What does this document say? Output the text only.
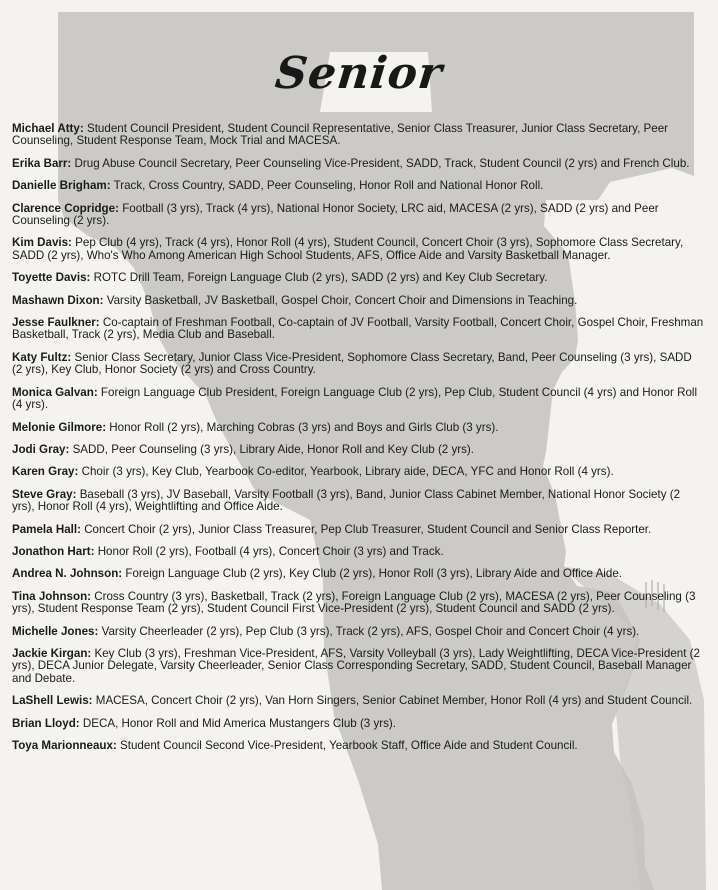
Senior

Michael Atty: Student Council President, Student Council Representative, Senior Class Treasurer, Junior Class Secretary, Peer Counseling, Student Response Team, Mock Trial and MACESA.

Erika Barr: Drug Abuse Council Secretary, Peer Counseling Vice-President, SADD, Track, Student Council (2 yrs) and French Club.

Danielle Brigham: Track, Cross Country, SADD, Peer Counseling, Honor Roll and National Honor Roll.

Clarence Copridge: Football (3 yrs), Track (4 yrs), National Honor Society, LRC aid, MACESA (2 yrs), SADD (2 yrs) and Peer Counseling (2 yrs).

Kim Davis: Pep Club (4 yrs), Track (4 yrs), Honor Roll (4 yrs), Student Council, Concert Choir (3 yrs), Sophomore Class Secretary, SADD (2 yrs), Who's Who Among American High School Students, AFS, Office Aide and Varsity Basketball Manager.

Toyette Davis: ROTC Drill Team, Foreign Language Club (2 yrs), SADD (2 yrs) and Key Club Secretary.

Mashawn Dixon: Varsity Basketball, JV Basketball, Gospel Choir, Concert Choir and Dimensions in Teaching.

Jesse Faulkner: Co-captain of Freshman Football, Co-captain of JV Football, Varsity Football, Concert Choir, Gospel Choir, Freshman Basketball, Track (2 yrs), Media Club and Baseball.

Katy Fultz: Senior Class Secretary, Junior Class Vice-President, Sophomore Class Secretary, Band, Peer Counseling (3 yrs), SADD (2 yrs), Key Club, Honor Society (2 yrs) and Cross Country.

Monica Galvan: Foreign Language Club President, Foreign Language Club (2 yrs), Pep Club, Student Council (4 yrs) and Honor Roll (4 yrs).

Melonie Gilmore: Honor Roll (2 yrs), Marching Cobras (3 yrs) and Boys and Girls Club (3 yrs).

Jodi Gray: SADD, Peer Counseling (3 yrs), Library Aide, Honor Roll and Key Club (2 yrs).

Karen Gray: Choir (3 yrs), Key Club, Yearbook Co-editor, Yearbook, Library aide, DECA, YFC and Honor Roll (4 yrs).

Steve Gray: Baseball (3 yrs), JV Baseball, Varsity Football (3 yrs), Band, Junior Class Cabinet Member, National Honor Society (2 yrs), Honor Roll (4 yrs), Weightlifting and Office Aide.

Pamela Hall: Concert Choir (2 yrs), Junior Class Treasurer, Pep Club Treasurer, Student Council and Senior Class Reporter.

Jonathon Hart: Honor Roll (2 yrs), Football (4 yrs), Concert Choir (3 yrs) and Track.

Andrea N. Johnson: Foreign Language Club (2 yrs), Key Club (2 yrs), Honor Roll (3 yrs), Library Aide and Office Aide.

Tina Johnson: Cross Country (3 yrs), Basketball, Track (2 yrs), Foreign Language Club (2 yrs), MACESA (2 yrs), Peer Counseling (3 yrs), Student Response Team (2 yrs), Student Council First Vice-President (2 yrs), Student Council and SADD (2 yrs).

Michelle Jones: Varsity Cheerleader (2 yrs), Pep Club (3 yrs), Track (2 yrs), AFS, Gospel Choir and Concert Choir (4 yrs).

Jackie Kirgan: Key Club (3 yrs), Freshman Vice-President, AFS, Varsity Volleyball (3 yrs), Lady Weightlifting, DECA Vice-President (2 yrs), DECA Junior Delegate, Varsity Cheerleader, Senior Class Corresponding Secretary, SADD, Student Council, Baseball Manager and Debate.

LaShell Lewis: MACESA, Concert Choir (2 yrs), Van Horn Singers, Senior Cabinet Member, Honor Roll (4 yrs) and Student Council.

Brian Lloyd: DECA, Honor Roll and Mid America Mustangers Club (3 yrs).

Toya Marionneaux: Student Council Second Vice-President, Yearbook Staff, Office Aide and Student Council.
